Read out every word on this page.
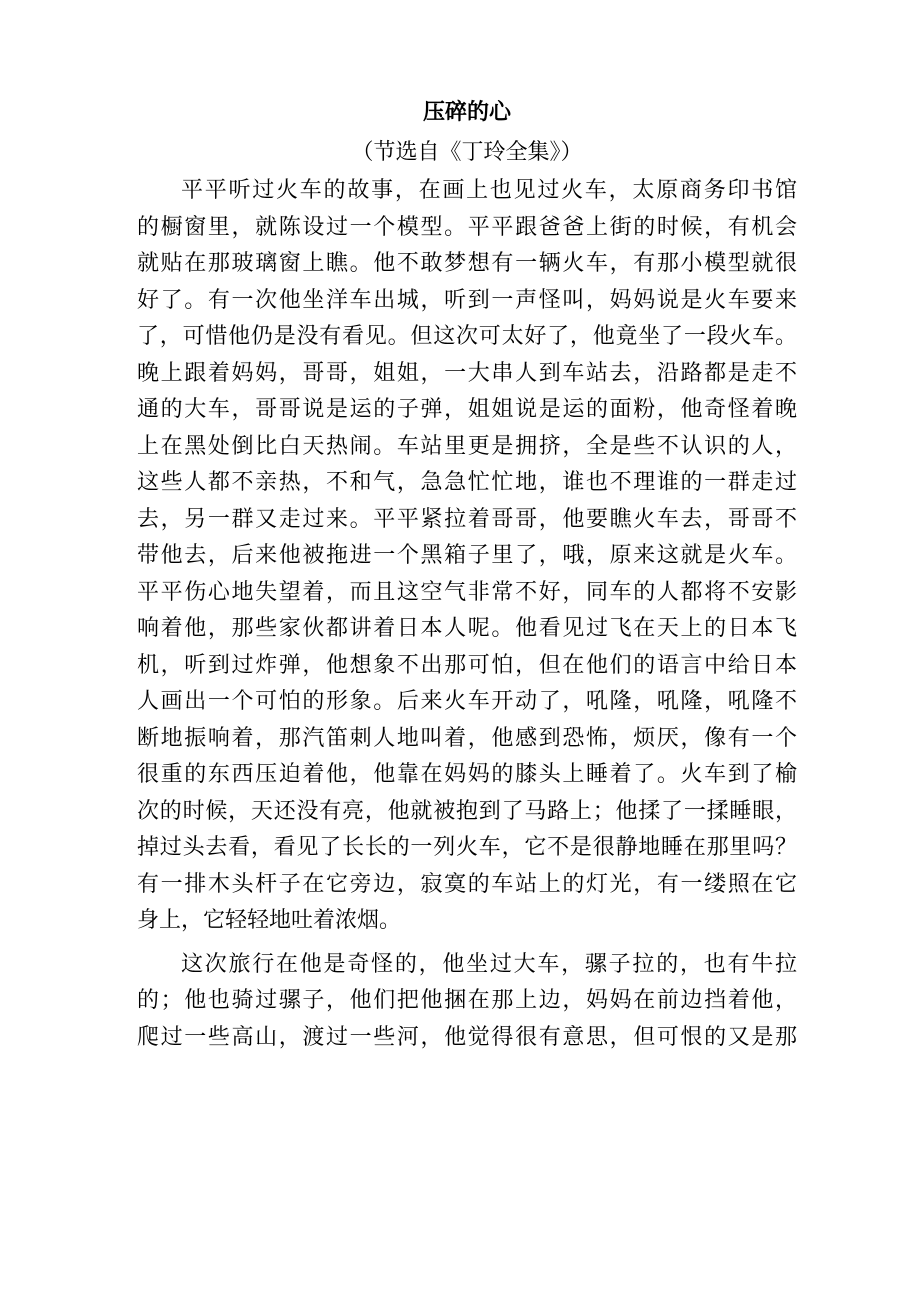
压碎的心
（节选自《丁玲全集》）
平平听过火车的故事，在画上也见过火车，太原商务印书馆
的橱窗里，就陈设过一个模型。平平跟爸爸上街的时候，有机会
就贴在那玻璃窗上瞧。他不敢梦想有一辆火车，有那小模型就很
好了。有一次他坐洋车出城，听到一声怪叫，妈妈说是火车要来
了，可惜他仍是没有看见。但这次可太好了，他竟坐了一段火车。
晚上跟着妈妈，哥哥，姐姐，一大串人到车站去，沿路都是走不
通的大车，哥哥说是运的子弹，姐姐说是运的面粉，他奇怪着晚
上在黑处倒比白天热闹。车站里更是拥挤，全是些不认识的人，
这些人都不亲热，不和气，急急忙忙地，谁也不理谁的一群走过
去，另一群又走过来。平平紧拉着哥哥，他要瞧火车去，哥哥不
带他去，后来他被拖进一个黑箱子里了，哦，原来这就是火车。
平平伤心地失望着，而且这空气非常不好，同车的人都将不安影
响着他，那些家伙都讲着日本人呢。他看见过飞在天上的日本飞
机，听到过炸弹，他想象不出那可怕，但在他们的语言中给日本
人画出一个可怕的形象。后来火车开动了，吼隆，吼隆，吼隆不
断地振响着，那汽笛刺人地叫着，他感到恐怖，烦厌，像有一个
很重的东西压迫着他，他靠在妈妈的膝头上睡着了。火车到了榆
次的时候，天还没有亮，他就被抱到了马路上；他揉了一揉睡眼，
掉过头去看，看见了长长的一列火车，它不是很静地睡在那里吗？
有一排木头杆子在它旁边，寂寞的车站上的灯光，有一缕照在它
身上，它轻轻地吐着浓烟。
这次旅行在他是奇怪的，他坐过大车，骡子拉的，也有牛拉
的；他也骑过骡子，他们把他捆在那上边，妈妈在前边挡着他，
爬过一些高山，渡过一些河，他觉得很有意思，但可恨的又是那
